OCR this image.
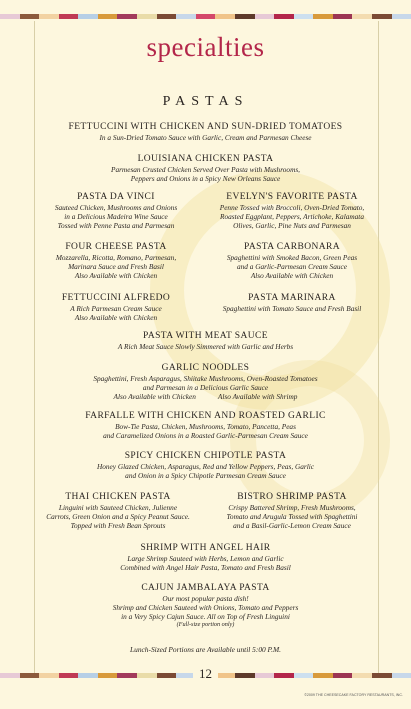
specialties
PASTAS
FETTUCCINI WITH CHICKEN AND SUN-DRIED TOMATOES
In a Sun-Dried Tomato Sauce with Garlic, Cream and Parmesan Cheese
LOUISIANA CHICKEN PASTA
Parmesan Crusted Chicken Served Over Pasta with Mushrooms,
Peppers and Onions in a Spicy New Orleans Sauce
PASTA DA VINCI
Sauteed Chicken, Mushrooms and Onions
in a Delicious Madeira Wine Sauce
Tossed with Penne Pasta and Parmesan
EVELYN'S FAVORITE PASTA
Penne Tossed with Broccoli, Oven-Dried Tomato,
Roasted Eggplant, Peppers, Artichoke, Kalamata
Olives, Garlic, Pine Nuts and Parmesan
FOUR CHEESE PASTA
Mozzarella, Ricotta, Romano, Parmesan,
Marinara Sauce and Fresh Basil
Also Available with Chicken
PASTA CARBONARA
Spaghettini with Smoked Bacon, Green Peas
and a Garlic-Parmesan Cream Sauce
Also Available with Chicken
FETTUCCINI ALFREDO
A Rich Parmesan Cream Sauce
Also Available with Chicken
PASTA MARINARA
Spaghettini with Tomato Sauce and Fresh Basil
PASTA WITH MEAT SAUCE
A Rich Meat Sauce Slowly Simmered with Garlic and Herbs
GARLIC NOODLES
Spaghettini, Fresh Asparagus, Shiitake Mushrooms, Oven-Roasted Tomatoes
and Parmesan in a Delicious Garlic Sauce
Also Available with Chicken	Also Available with Shrimp
FARFALLE WITH CHICKEN AND ROASTED GARLIC
Bow-Tie Pasta, Chicken, Mushrooms, Tomato, Pancetta, Peas
and Caramelized Onions in a Roasted Garlic-Parmesan Cream Sauce
SPICY CHICKEN CHIPOTLE PASTA
Honey Glazed Chicken, Asparagus, Red and Yellow Peppers, Peas, Garlic
and Onion in a Spicy Chipotle Parmesan Cream Sauce
THAI CHICKEN PASTA
Linguini with Sauteed Chicken, Julienne
Carrots, Green Onion and a Spicy Peanut Sauce.
Topped with Fresh Bean Sprouts
BISTRO SHRIMP PASTA
Crispy Battered Shrimp, Fresh Mushrooms,
Tomato and Arugula Tossed with Spaghettini
and a Basil-Garlic-Lemon Cream Sauce
SHRIMP WITH ANGEL HAIR
Large Shrimp Sauteed with Herbs, Lemon and Garlic
Combined with Angel Hair Pasta, Tomato and Fresh Basil
CAJUN JAMBALAYA PASTA
Our most popular pasta dish!
Shrimp and Chicken Sauteed with Onions, Tomato and Peppers
in a Very Spicy Cajun Sauce. All on Top of Fresh Linguini
(Full-size portion only)
Lunch-Sized Portions are Available until 5:00 P.M.
12
©2009 THE CHEESECAKE FACTORY RESTAURANTS, INC.
